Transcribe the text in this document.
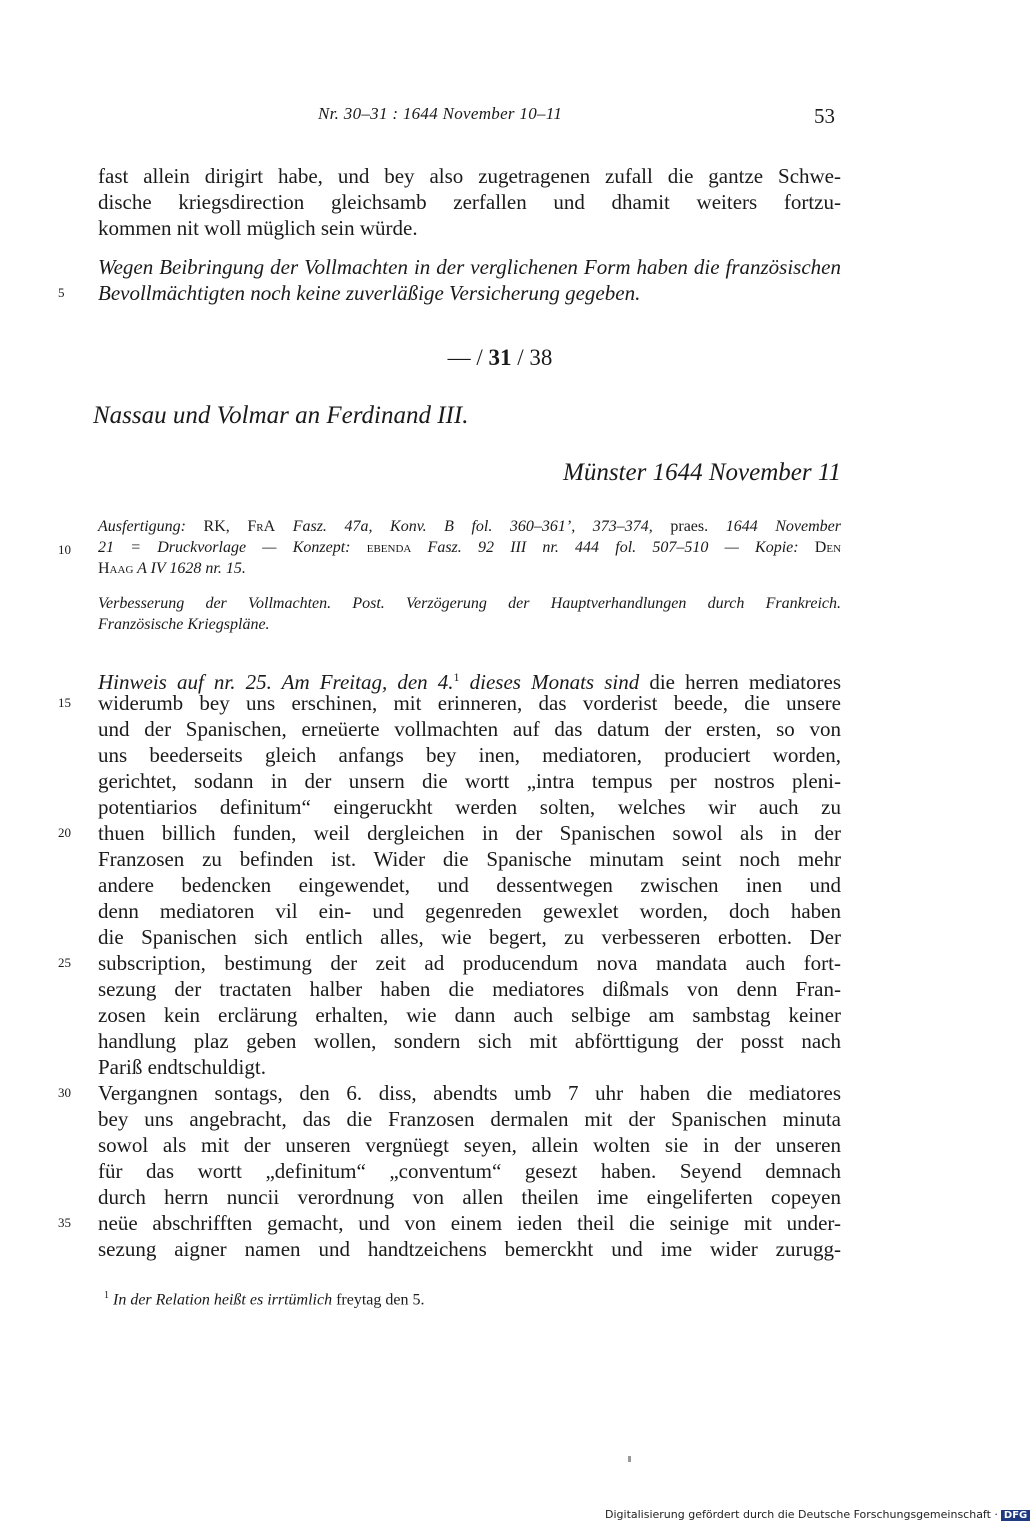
Nr. 30–31 : 1644 November 10–11	53
fast allein dirigirt habe, und bey also zugetragenen zufall die gantze Schwe-
dische kriegsdirection gleichsamb zerfallen und dhamit weiters fortzu-
kommen nit woll müglich sein würde.
Wegen Beibringung der Vollmachten in der verglichenen Form haben die französischen
Bevollmächtigten noch keine zuverläßige Versicherung gegeben.
— / 31 / 38
Nassau und Volmar an Ferdinand III.
Münster 1644 November 11
Ausfertigung: RK, FrA Fasz. 47a, Konv. B fol. 360–361’, 373–374, praes. 1644 November
21 = Druckvorlage — Konzept: ebenda Fasz. 92 III nr. 444 fol. 507–510 — Kopie: Den
Haag A IV 1628 nr. 15.
Verbesserung der Vollmachten. Post. Verzögerung der Hauptverhandlungen durch Frankreich.
Französische Kriegspläne.
Hinweis auf nr. 25. Am Freitag, den 4.$^1$ dieses Monats sind die herren mediatores
widerumb bey uns erschinen, mit erinneren, das vorderist beede, die unsere
und der Spanischen, erneüerte vollmachten auf das datum der ersten, so von
uns beederseits gleich anfangs bey inen, mediatoren, produciert worden,
gerichtet, sodann in der unsern die wortt „intra tempus per nostros pleni-
potentiarios definitum“ eingeruckht werden solten, welches wir auch zu
thuen billich funden, weil dergleichen in der Spanischen sowol als in der
Franzosen zu befinden ist. Wider die Spanische minutam seint noch mehr
andere bedencken eingewendet, und dessentwegen zwischen inen und
denn mediatoren vil ein- und gegenreden gewexlet worden, doch haben
die Spanischen sich entlich alles, wie begert, zu verbesseren erbotten. Der
subscription, bestimung der zeit ad producendum nova mandata auch fort-
sezung der tractaten halber haben die mediatores dißmals von denn Fran-
zosen kein erclärung erhalten, wie dann auch selbige am sambstag keiner
handlung plaz geben wollen, sondern sich mit abförttigung der posst nach
Pariß endtschuldigt.
Vergangnen sontags, den 6. diss, abendts umb 7 uhr haben die mediatores
bey uns angebracht, das die Franzosen dermalen mit der Spanischen minuta
sowol als mit der unseren vergnüegt seyen, allein wolten sie in der unseren
für das wortt „definitum“ „conventum“ gesezt haben. Seyend demnach
durch herrn nuncii verordnung von allen theilen ime eingeliferten copeyen
neüe abschrifften gemacht, und von einem ieden theil die seinige mit under-
sezung aigner namen und handtzeichens bemerckht und ime wider zurugg-
5
10
15
20
25
30
35
$^1$ In der Relation heißt es irrtümlich freytag den 5.
Digitalisierung gefördert durch die Deutsche Forschungsgemeinschaft · DFG
